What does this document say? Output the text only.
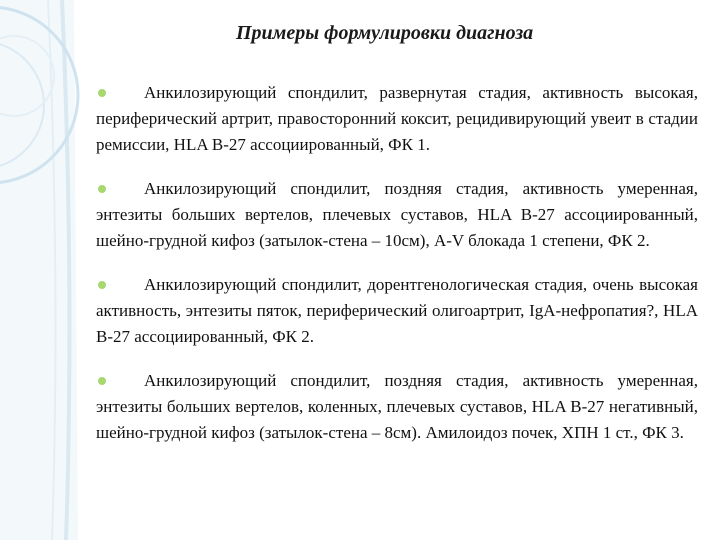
Примеры формулировки диагноза
Анкилозирующий спондилит, развернутая стадия, активность высокая, периферический артрит, правосторонний коксит, рецидивирующий увеит в стадии ремиссии, HLA B-27 ассоциированный, ФК 1.
Анкилозирующий спондилит, поздняя стадия, активность умеренная, энтезиты больших вертелов, плечевых суставов, HLA B-27 ассоциированный, шейно-грудной кифоз (затылок-стена – 10см), A-V блокада 1 степени, ФК 2.
Анкилозирующий спондилит, дорентгенологическая стадия, очень высокая активность, энтезиты пяток, периферический олигоартрит, IgA-нефропатия?, HLA B-27 ассоциированный, ФК 2.
Анкилозирующий спондилит, поздняя стадия, активность умеренная, энтезиты больших вертелов, коленных, плечевых суставов, HLA B-27 негативный, шейно-грудной кифоз (затылок-стена – 8см). Амилоидоз почек, ХПН 1 ст., ФК 3.
